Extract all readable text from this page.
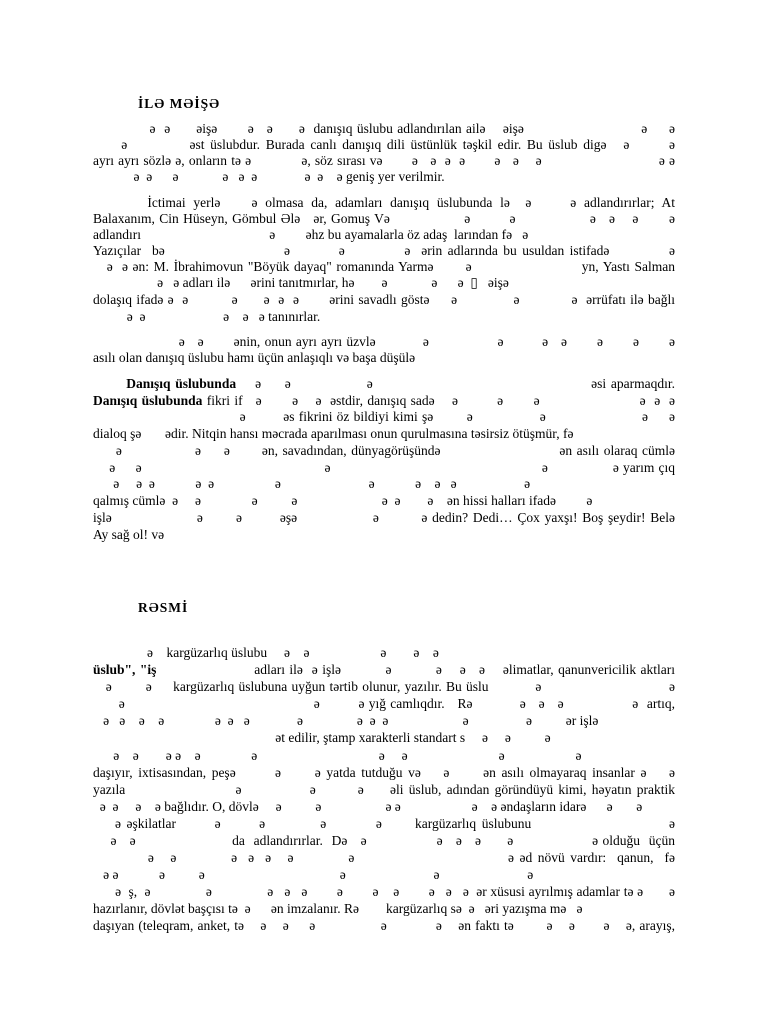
İLƏ MƏİŞƏ
ə  ə      əişə       ə   ə      ə  danışıq üslubu adlandırılan ailə    əişə                           ə     ə
ə           əst üslubdur. Burada canlı danışıq dili üstünlük təşkil edir. Bu üslub digə   ə       ə
ayrı ayrı sözlə ə, onların tə ə            ə, söz sırası və       ə   ə  ə  ə       ə   ə    ə                            ə ə
ə  ə      ə             ə   ə  ə              ə  ə    ə geniş yer verilmir.
İctimai yerlə    ə olmasa da, adamları danışıq üslubunda lə  ə     ə adlandırırlar; At
Balaxanım, Cin Hüseyn, Gömbul Ələ   ər, Gomuş Və                 ə         ə                 ə   ə    ə       ə
adlandırı                                      ə         əhz bu ayamalarla öz adaş  larından fə   ə
Yazıçılar  bə                      ə         ə           ə  ərin adlarında bu usuldan istifadə           ə
ə  ə ən: M. İbrahimovun "Böyük dayaq" romanında Yarmə       ə                        yn, Yastı Salman
ə   ə adları ilə      ərini tanıtmırlar, hə        ə             ə      ə  ▯   əişə
dolaşıq ifadə ə  ə          ə      ə  ə  ə       ərini savadlı göstə     ə             ə            ə  ərrüfatı ilə bağlı
ə  ə                       ə    ə   ə tanınırlar.
ə   ə       ənin, onun ayrı ayrı üzvlə           ə                ə         ə   ə       ə       ə       ə
asılı olan danışıq üslubu hamı üçün anlaşıqlı və başa düşülə
Danışıq üslubunda    ə     ə                ə                                              əsi aparmaqdır.
Danışıq üslubunda fikri if   ə       ə    ə  əstdir, danışıq sadə    ə         ə       ə                       ə  ə  ə
ə         əs fikrini öz bildiyi kimi şə        ə                ə                       ə     ə
dialoq şə       ədir. Nitqin hansı məcrada aparılması onun qurulmasına təsirsiz ötüşmür, fə
ə                ə     ə       ən, savadından, dünyagörüşündə                          ən asılı olaraq cümlə
ə     ə                                             ə                                                    ə                ə yarım çıq
ə     ə  ə            ə  ə                  ə                          ə            ə    ə   ə                    ə
qalmış cümlə  ə     ə               ə          ə                         ə  ə        ə    ən hissi halları ifadə         ə
işlə                  ə       ə        əşə                ə         ə dedin? Dedi… Çox yaxşı! Boş şeydir! Belə
Ay sağ ol! və
RƏSMİ
ə    kargüzarlıq üslubu     ə    ə                     ə        ə    ə
üslub", "iş                      adları ilə  ə işlə          ə          ə    ə   ə    əlimatlar, qanunvericilik aktları
ə        ə     kargüzarlıq üslubuna uyğun tərtib olunur, yazılır. Bu üslu           ə                              ə
ə                                            ə         ə yığ camlıqdır.   Rə           ə   ə   ə                ə  artıq,
ə   ə    ə    ə               ə  ə   ə              ə                ə  ə  ə                      ə                 ə          ər işlə
ət edilir, ştamp xarakterli standart s     ə     ə          ə
ə    ə        ə ə    ə               ə                                    ə     ə                           ə                     ə
daşıyır, ixtisasından, peşə       ə      ə yatda tutduğu və    ə      ən asılı olmayaraq insanlar ə    ə
yazıla                     ə             ə        ə     əli üslub, adından göründüyü kimi, həyatın praktik
ə  ə     ə    ə bağlıdır. O, dövlə     ə          ə                   ə ə                     ə    ə əndaşların idarə      ə       ə
ə əşkilatlar       ə       ə          ə         ə      kargüzarlıq üslubunu                         ə
ə   ə                      da  adlandırırlar.  Də   ə                ə   ə   ə      ə                  ə olduğu  üçün
ə   ə          ə  ə  ə   ə          ə                            ə əd növü vardır:  qanun,  fə
ə ə            ə          ə                                        ə                          ə                          ə
ə  ş,  ə               ə               ə   ə   ə        ə        ə    ə        ə   ə   ə  ər xüsusi ayrılmış adamlar tə ə       ə
hazırlanır, dövlət başçısı tə  ə      ən imzalanır. Rə        kargüzarlıq sə  ə   əri yazışma mə   ə
daşıyan (teleqram, anket, tə    ə    ə     ə                ə            ə    ən faktı tə        ə    ə       ə    ə, arayış,
